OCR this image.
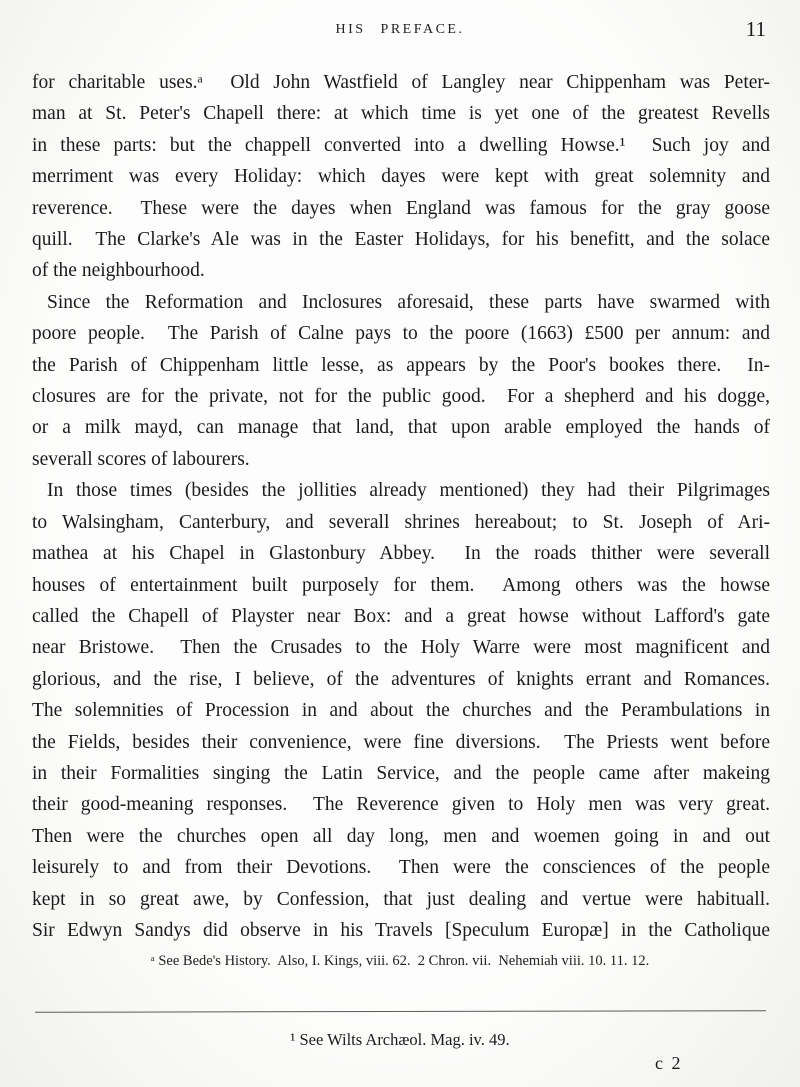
HIS PREFACE.	11
for charitable uses.ᵃ  Old John Wastfield of Langley near Chippenham was Peter-
man at St. Peter's Chapell there: at which time is yet one of the greatest Revells
in these parts: but the chappell converted into a dwelling Howse.¹  Such joy and
merriment was every Holiday: which dayes were kept with great solemnity and
reverence.  These were the dayes when England was famous for the gray goose
quill.  The Clarke's Ale was in the Easter Holidays, for his benefitt, and the solace
of the neighbourhood.
Since the Reformation and Inclosures aforesaid, these parts have swarmed with
poore people.  The Parish of Calne pays to the poore (1663) £500 per annum: and
the Parish of Chippenham little lesse, as appears by the Poor's bookes there.  In-
closures are for the private, not for the public good.  For a shepherd and his dogge,
or a milk mayd, can manage that land, that upon arable employed the hands of
severall scores of labourers.
In those times (besides the jollities already mentioned) they had their Pilgrimages
to Walsingham, Canterbury, and severall shrines hereabout; to St. Joseph of Ari-
mathea at his Chapel in Glastonbury Abbey.  In the roads thither were severall
houses of entertainment built purposely for them.  Among others was the howse
called the Chapell of Playster near Box: and a great howse without Lafford's gate
near Bristowe.  Then the Crusades to the Holy Warre were most magnificent and
glorious, and the rise, I believe, of the adventures of knights errant and Romances.
The solemnities of Procession in and about the churches and the Perambulations in
the Fields, besides their convenience, were fine diversions.  The Priests went before
in their Formalities singing the Latin Service, and the people came after makeing
their good-meaning responses.  The Reverence given to Holy men was very great.
Then were the churches open all day long, men and woemen going in and out
leisurely to and from their Devotions.  Then were the consciences of the people
kept in so great awe, by Confession, that just dealing and vertue were habituall.
Sir Edwyn Sandys did observe in his Travels [Speculum Europæ] in the Catholique
ᵃ See Bede's History.  Also, I. Kings, viii. 62.  2 Chron. vii.  Nehemiah viii. 10. 11. 12.
¹ See Wilts Archæol. Mag. iv. 49.
c 2
